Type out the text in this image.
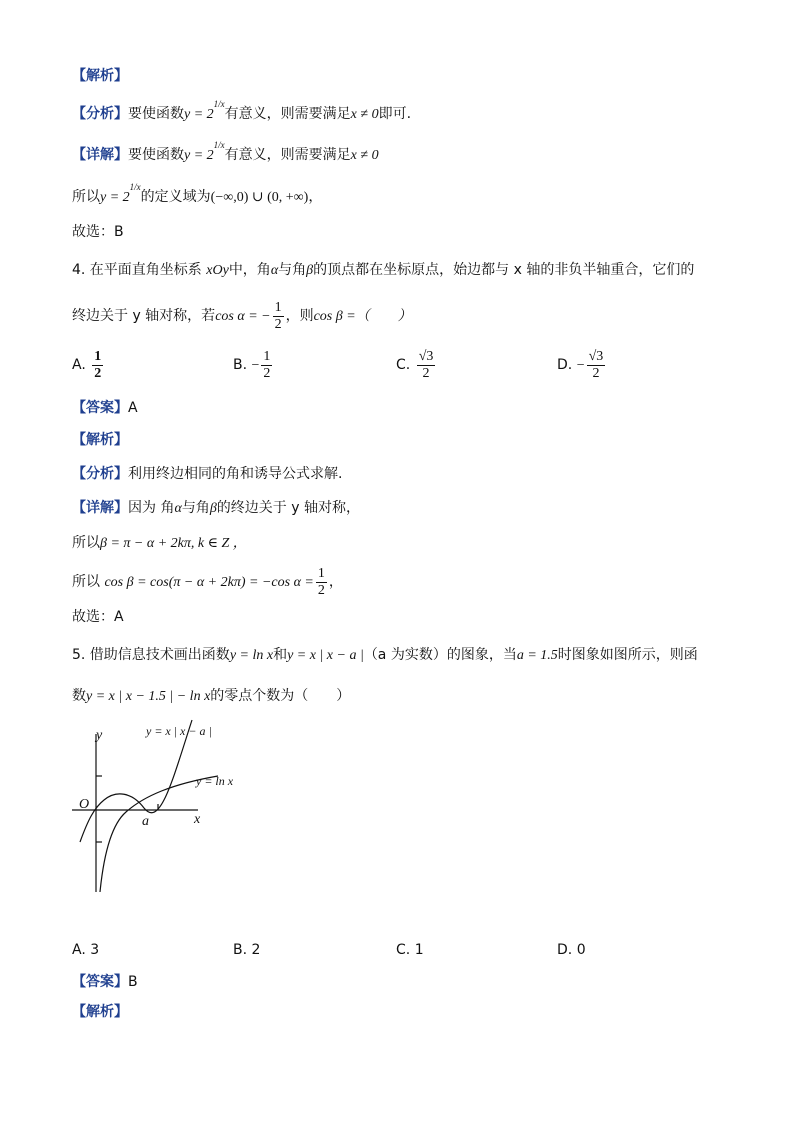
【解析】
【分析】要使函数$y = 2^{1/x}$有意义，则需要满足x ≠ 0即可.
【详解】要使函数$y = 2^{1/x}$有意义，则需要满足x ≠ 0
所以$y = 2^{1/x}$的定义域为(−∞,0) ∪ (0, +∞)，
故选：B
4. 在平面直角坐标系 xOy中，角α与角β的顶点都在坐标原点，始边都与 x 轴的非负半轴重合，它们的
终边关于 y 轴对称，若cos α = − $\frac{1}{2}$ ，则cos β =（　　）
A. $\frac{1}{2}$	B. − $\frac{1}{2}$	C. $\frac{√3}{2}$	D. − $\frac{√3}{2}$
【答案】A
【解析】
【分析】利用终边相同的角和诱导公式求解.
【详解】因为 角α与角β的终边关于 y 轴对称，
所以β = π − α + 2kπ, k ∈ Z ，
所以 cos β = cos(π − α + 2kπ) = −cos $\alpha = \frac{1}{2}$ ，
故选：A
5. 借助信息技术画出函数y = ln x和y = x | x − a |（a 为实数）的图象，当a = 1.5时图象如图所示，则函
数y = x | x − 1.5 | − ln x的零点个数为（　　）
y
x
O
a
y = x | x − a |
y = ln x
A. 3	B. 2	C. 1	D. 0
【答案】B
【解析】
